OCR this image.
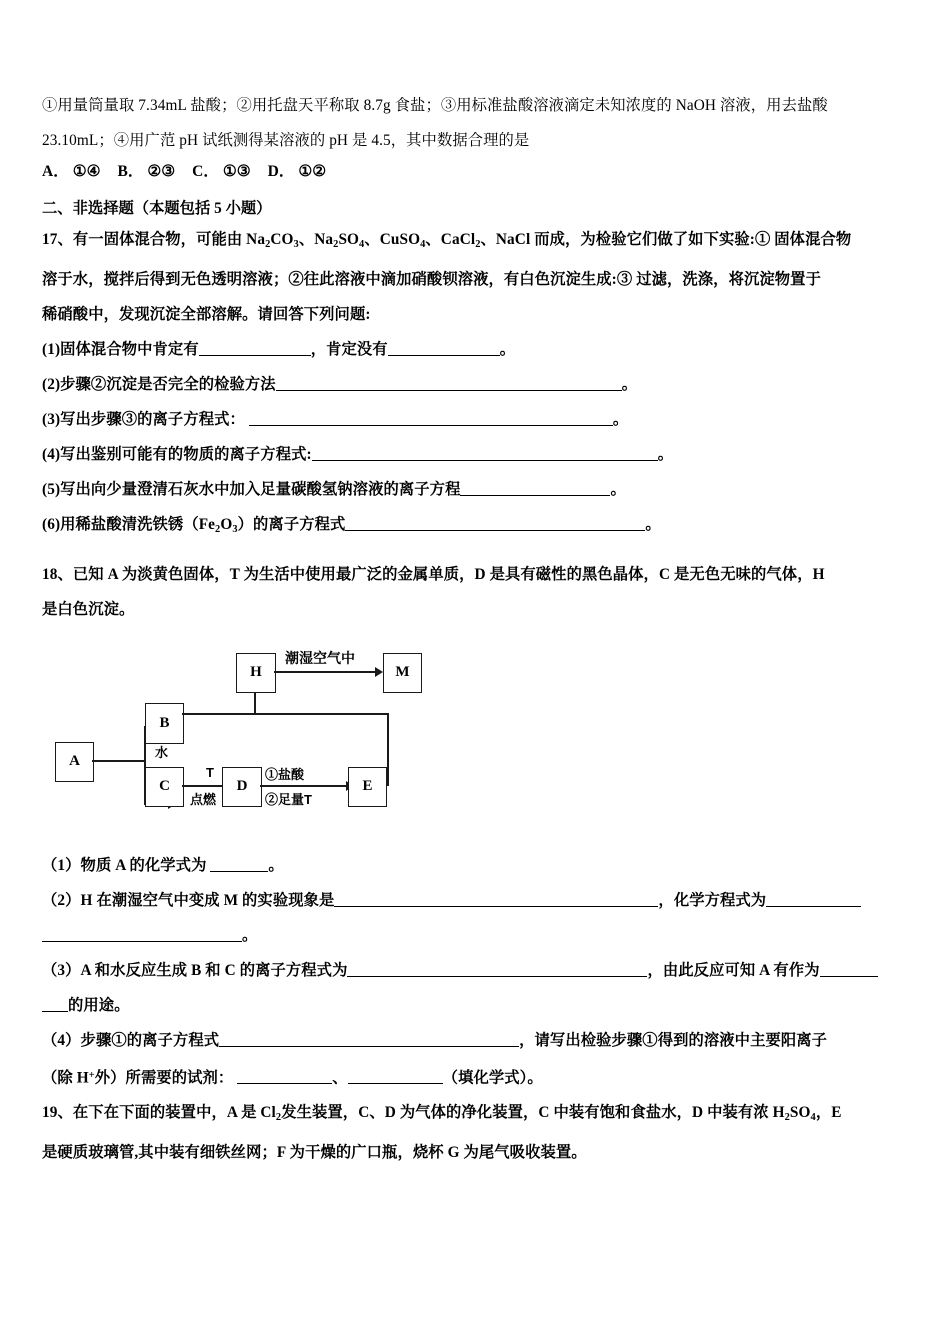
①用量筒量取 7.34mL 盐酸；②用托盘天平称取 8.7g 食盐；③用标准盐酸溶液滴定未知浓度的 NaOH 溶液，用去盐酸

23.10mL；④用广范 pH 试纸测得某溶液的 pH 是 4.5，其中数据合理的是

A． ①④ B． ②③ C． ①③ D． ①②

二、非选择题（本题包括 5 小题）

17、有一固体混合物，可能由 $Na_2CO_3$、$Na_2SO_4$、CuSO$_4$、CaCl$_2$、NaCl 而成，为检验它们做了如下实验:① 固体混合物

溶于水，搅拌后得到无色透明溶液；②往此溶液中滴加硝酸钡溶液，有白色沉淀生成:③ 过滤，洗涤，将沉淀物置于

稀硝酸中，发现沉淀全部溶解。请回答下列问题:

(1)固体混合物中肯定有	，肯定没有	。

(2)步骤②沉淀是否完全的检验方法	。

(3)写出步骤③的离子方程式：	。

(4)写出鉴别可能有的物质的离子方程式:	。

(5)写出向少量澄清石灰水中加入足量碳酸氢钠溶液的离子方程	。

(6)用稀盐酸清洗铁锈$(Fe_2O_3)$的离子方程式	。

18、已知 A 为淡黄色固体，T 为生活中使用最广泛的金属单质，D 是具有磁性的黑色晶体，C 是无色无味的气体，H

是白色沉淀。

A
水
B
C
T
点燃
D
①盐酸
②足量T
E
H
潮湿空气中
M

（1）物质 A 的化学式为	。

（2）H 在潮湿空气中变成 M 的实验现象是	，化学方程式为

。

（3）A 和水反应生成 B 和 C 的离子方程式为	，由此反应可知 A 有作为

的用途。

（4）步骤①的离子方程式	，请写出检验步骤①得到的溶液中主要阳离子

（除 H+外）所需要的试剂：	、	（填化学式）。

19、在下在下面的装置中，A 是 $Cl_2$发生装置，C、D 为气体的净化装置，C 中装有饱和食盐水，D 中装有浓 $H_2SO_4$，E

是硬质玻璃管,其中装有细铁丝网；F 为干燥的广口瓶，烧杯 G 为尾气吸收装置。
